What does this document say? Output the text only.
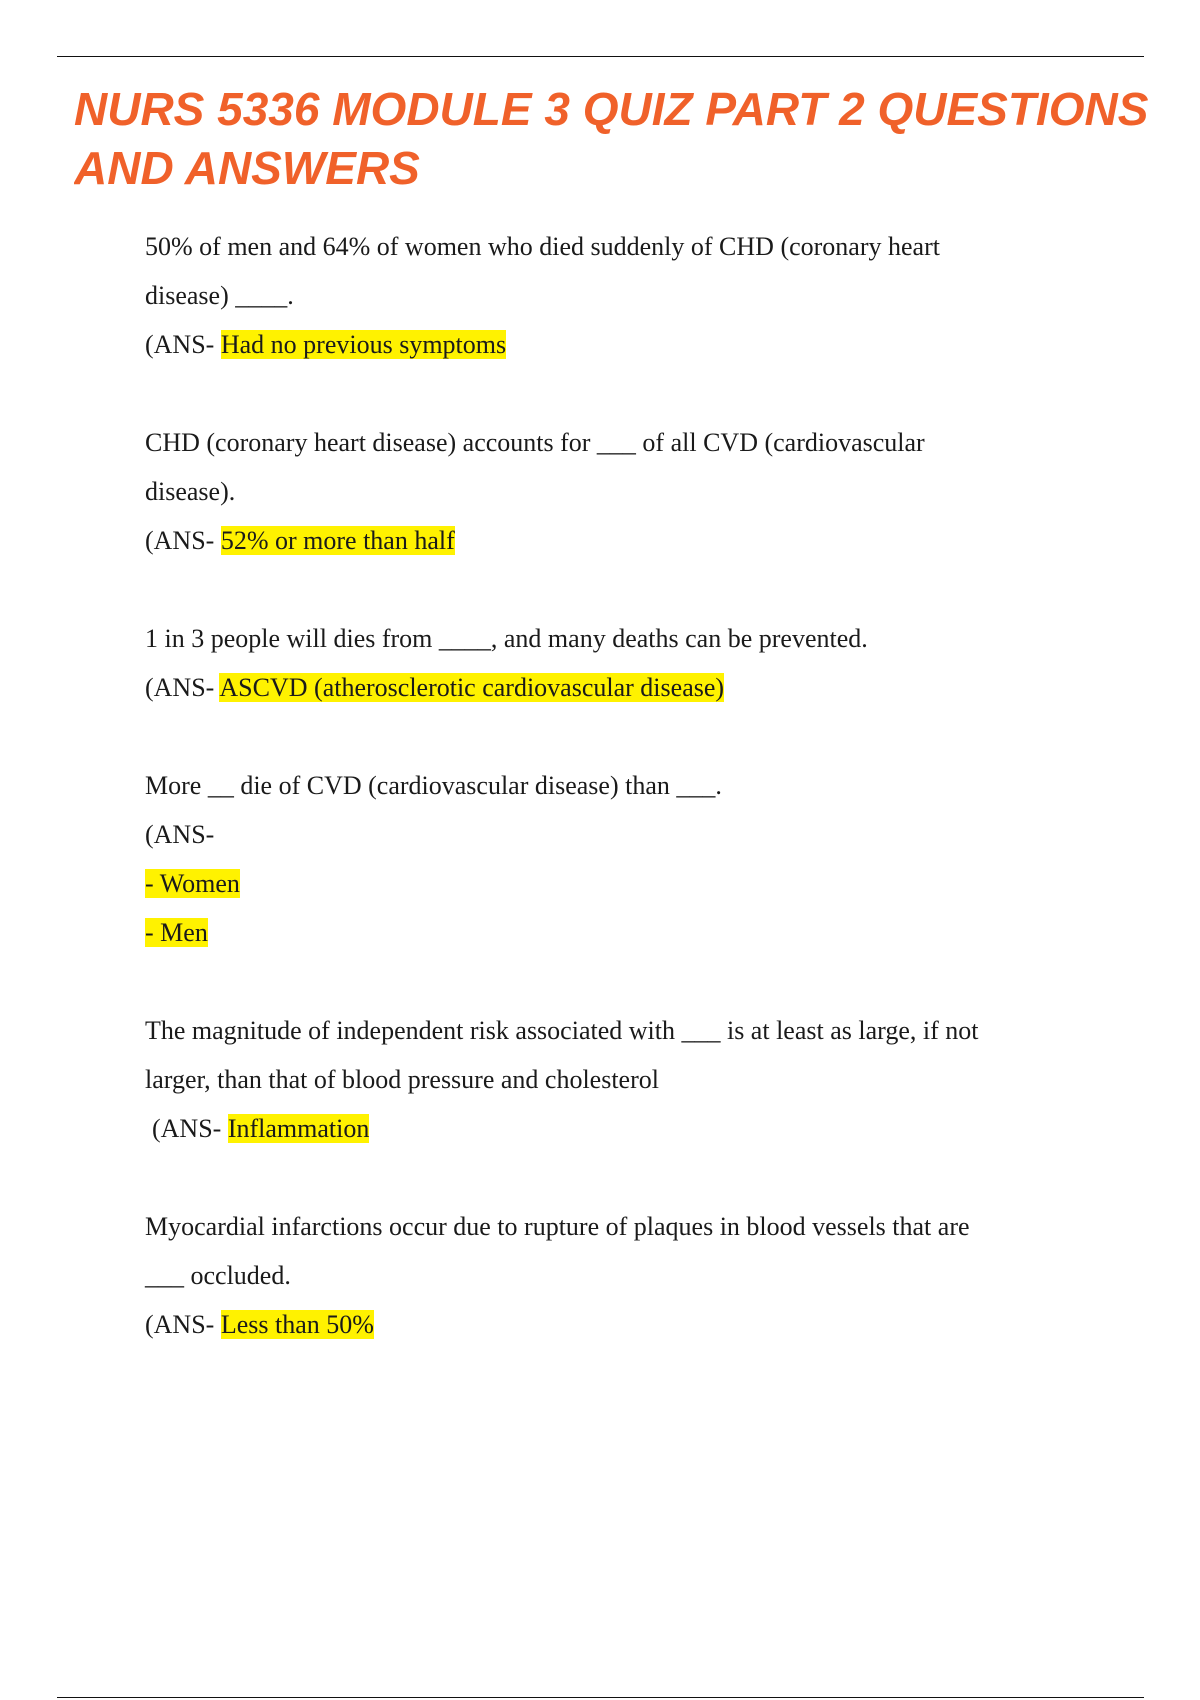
NURS 5336 MODULE 3 QUIZ PART 2 QUESTIONS
AND ANSWERS

50% of men and 64% of women who died suddenly of CHD (coronary heart

disease) ____.

(ANS- Had no previous symptoms

CHD (coronary heart disease) accounts for ___ of all CVD (cardiovascular

disease).

(ANS- 52% or more than half

1 in 3 people will dies from ____, and many deaths can be prevented.

(ANS- ASCVD (atherosclerotic cardiovascular disease)

More __ die of CVD (cardiovascular disease) than ___.

(ANS-

- Women

- Men

The magnitude of independent risk associated with ___ is at least as large, if not

larger, than that of blood pressure and cholesterol

(ANS- Inflammation

Myocardial infarctions occur due to rupture of plaques in blood vessels that are

___ occluded.

(ANS- Less than 50%
